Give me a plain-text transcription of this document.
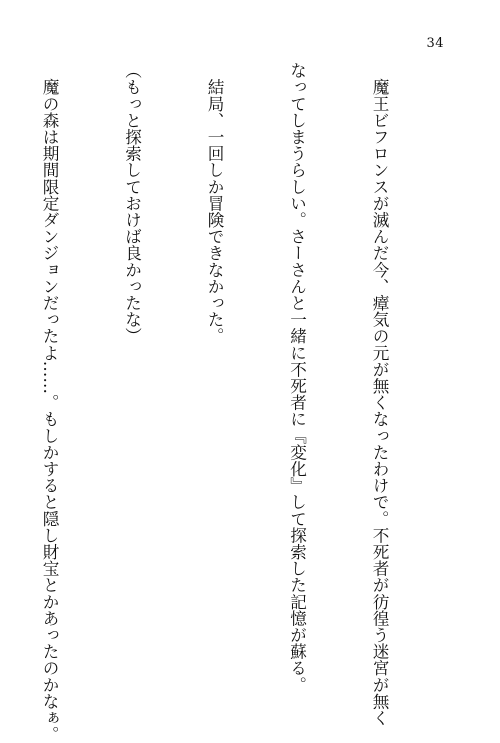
34

　魔王ビフロンスが滅んだ今、瘴気の元が無くなったわけで。不死者が彷徨う迷宮が無く

なってしまうらしい。さーさんと一緒に不死者に『変化』して探索した記憶が蘇る。

　結局、一回しか冒険できなかった。

（もっと探索しておけば良かったな）

　魔の森は期間限定ダンジョンだったよ……。もしかすると隠し財宝とかあったのかなぁ。
